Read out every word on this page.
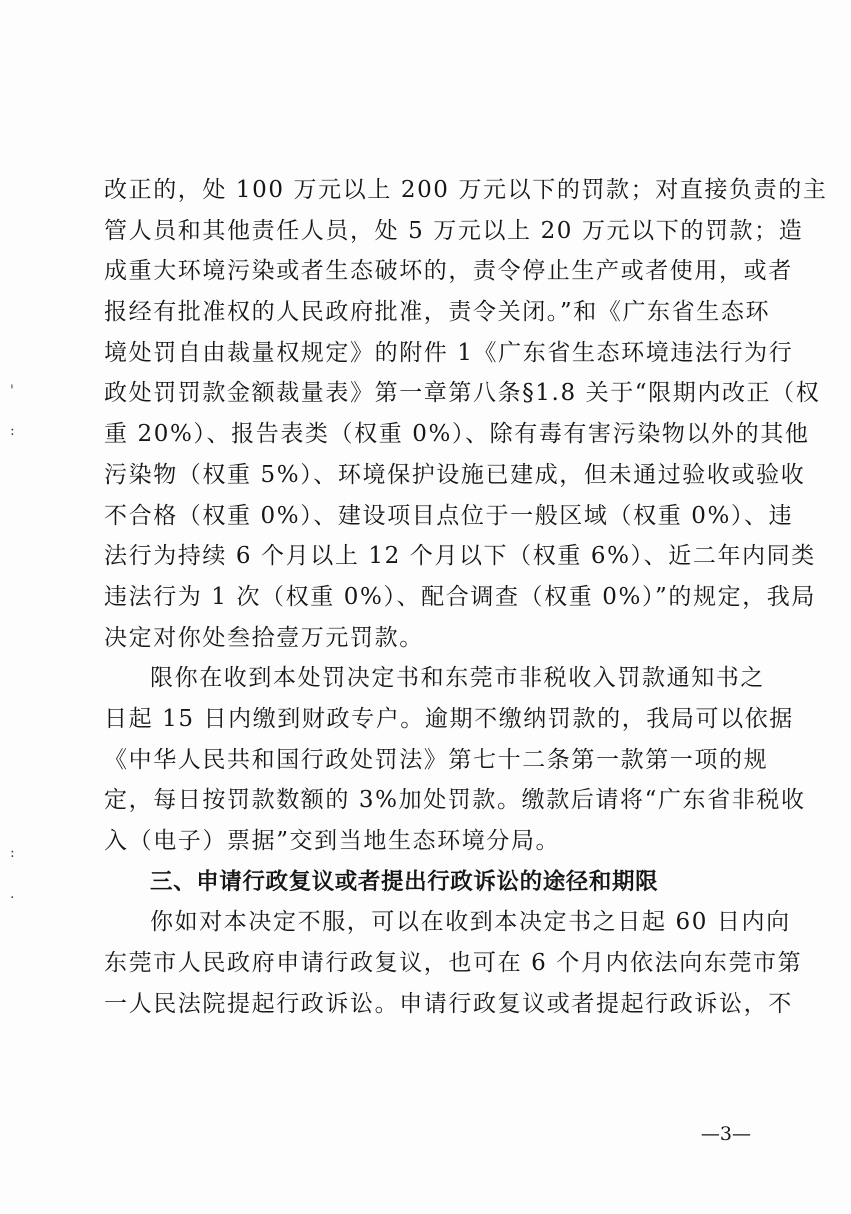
'
:
:
.
改正的，处 100 万元以上 200 万元以下的罚款；对直接负责的主
管人员和其他责任人员，处 5 万元以上 20 万元以下的罚款；造
成重大环境污染或者生态破坏的，责令停止生产或者使用，或者
报经有批准权的人民政府批准，责令关闭。”和《广东省生态环
境处罚自由裁量权规定》的附件 1《广东省生态环境违法行为行
政处罚罚款金额裁量表》第一章第八条§1.8 关于“限期内改正（权
重 20%）、报告表类（权重 0%）、除有毒有害污染物以外的其他
污染物（权重 5%）、环境保护设施已建成，但未通过验收或验收
不合格（权重 0%）、建设项目点位于一般区域（权重 0%）、违
法行为持续 6 个月以上 12 个月以下（权重 6%）、近二年内同类
违法行为 1 次（权重 0%）、配合调查（权重 0%）”的规定，我局
决定对你处叁拾壹万元罚款。
限你在收到本处罚决定书和东莞市非税收入罚款通知书之
日起 15 日内缴到财政专户。逾期不缴纳罚款的，我局可以依据
《中华人民共和国行政处罚法》第七十二条第一款第一项的规
定，每日按罚款数额的 3%加处罚款。缴款后请将“广东省非税收
入（电子）票据”交到当地生态环境分局。
三、申请行政复议或者提出行政诉讼的途径和期限
你如对本决定不服，可以在收到本决定书之日起 60 日内向
东莞市人民政府申请行政复议，也可在 6 个月内依法向东莞市第
一人民法院提起行政诉讼。申请行政复议或者提起行政诉讼，不
—3—
